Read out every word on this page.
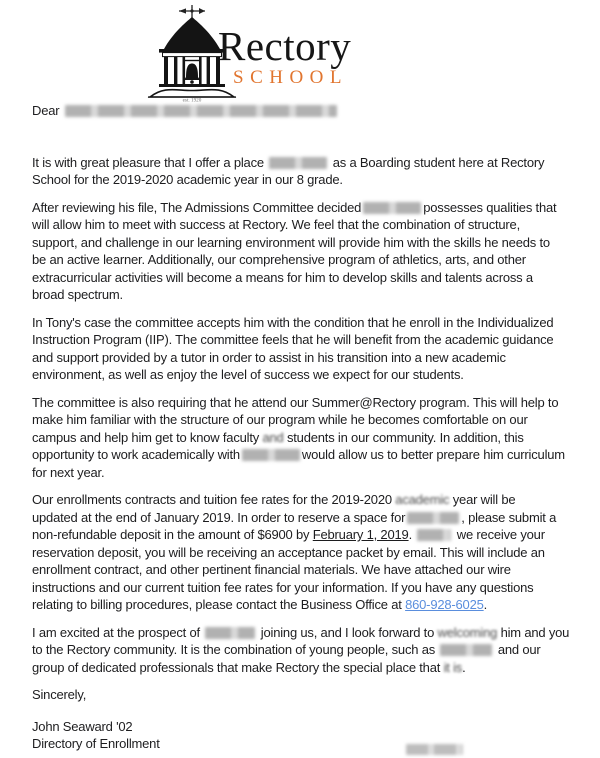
est. 1920
Rectory
SCHOOL
Dear
It is with great pleasure that I offer a place	as a Boarding student here at Rectory
School for the 2019-2020 academic year in our 8 grade.
After reviewing his file, The Admissions Committee decided	possesses qualities that
will allow him to meet with success at Rectory. We feel that the combination of structure,
support, and challenge in our learning environment will provide him with the skills he needs to
be an active learner. Additionally, our comprehensive program of athletics, arts, and other
extracurricular activities will become a means for him to develop skills and talents across a
broad spectrum.
In Tony's case the committee accepts him with the condition that he enroll in the Individualized
Instruction Program (IIP). The committee feels that he will benefit from the academic guidance
and support provided by a tutor in order to assist in his transition into a new academic
environment, as well as enjoy the level of success we expect for our students.
The committee is also requiring that he attend our Summer@Rectory program. This will help to
make him familiar with the structure of our program while he becomes comfortable on our
campus and help him get to know faculty and students in our community. In addition, this
opportunity to work academically with	would allow us to better prepare him curriculum
for next year.
Our enrollments contracts and tuition fee rates for the 2019-2020 academic year will be
updated at the end of January 2019. In order to reserve a space for	, please submit a
non-refundable deposit in the amount of $6900 by February 1, 2019.	we receive your
reservation deposit, you will be receiving an acceptance packet by email. This will include an
enrollment contract, and other pertinent financial materials. We have attached our wire
instructions and our current tuition fee rates for your information. If you have any questions
relating to billing procedures, please contact the Business Office at 860-928-6025.
I am excited at the prospect of	joining us, and I look forward to welcoming him and you
to the Rectory community. It is the combination of young people, such as	and our
group of dedicated professionals that make Rectory the special place that it is.
Sincerely,
John Seaward '02
Directory of Enrollment
